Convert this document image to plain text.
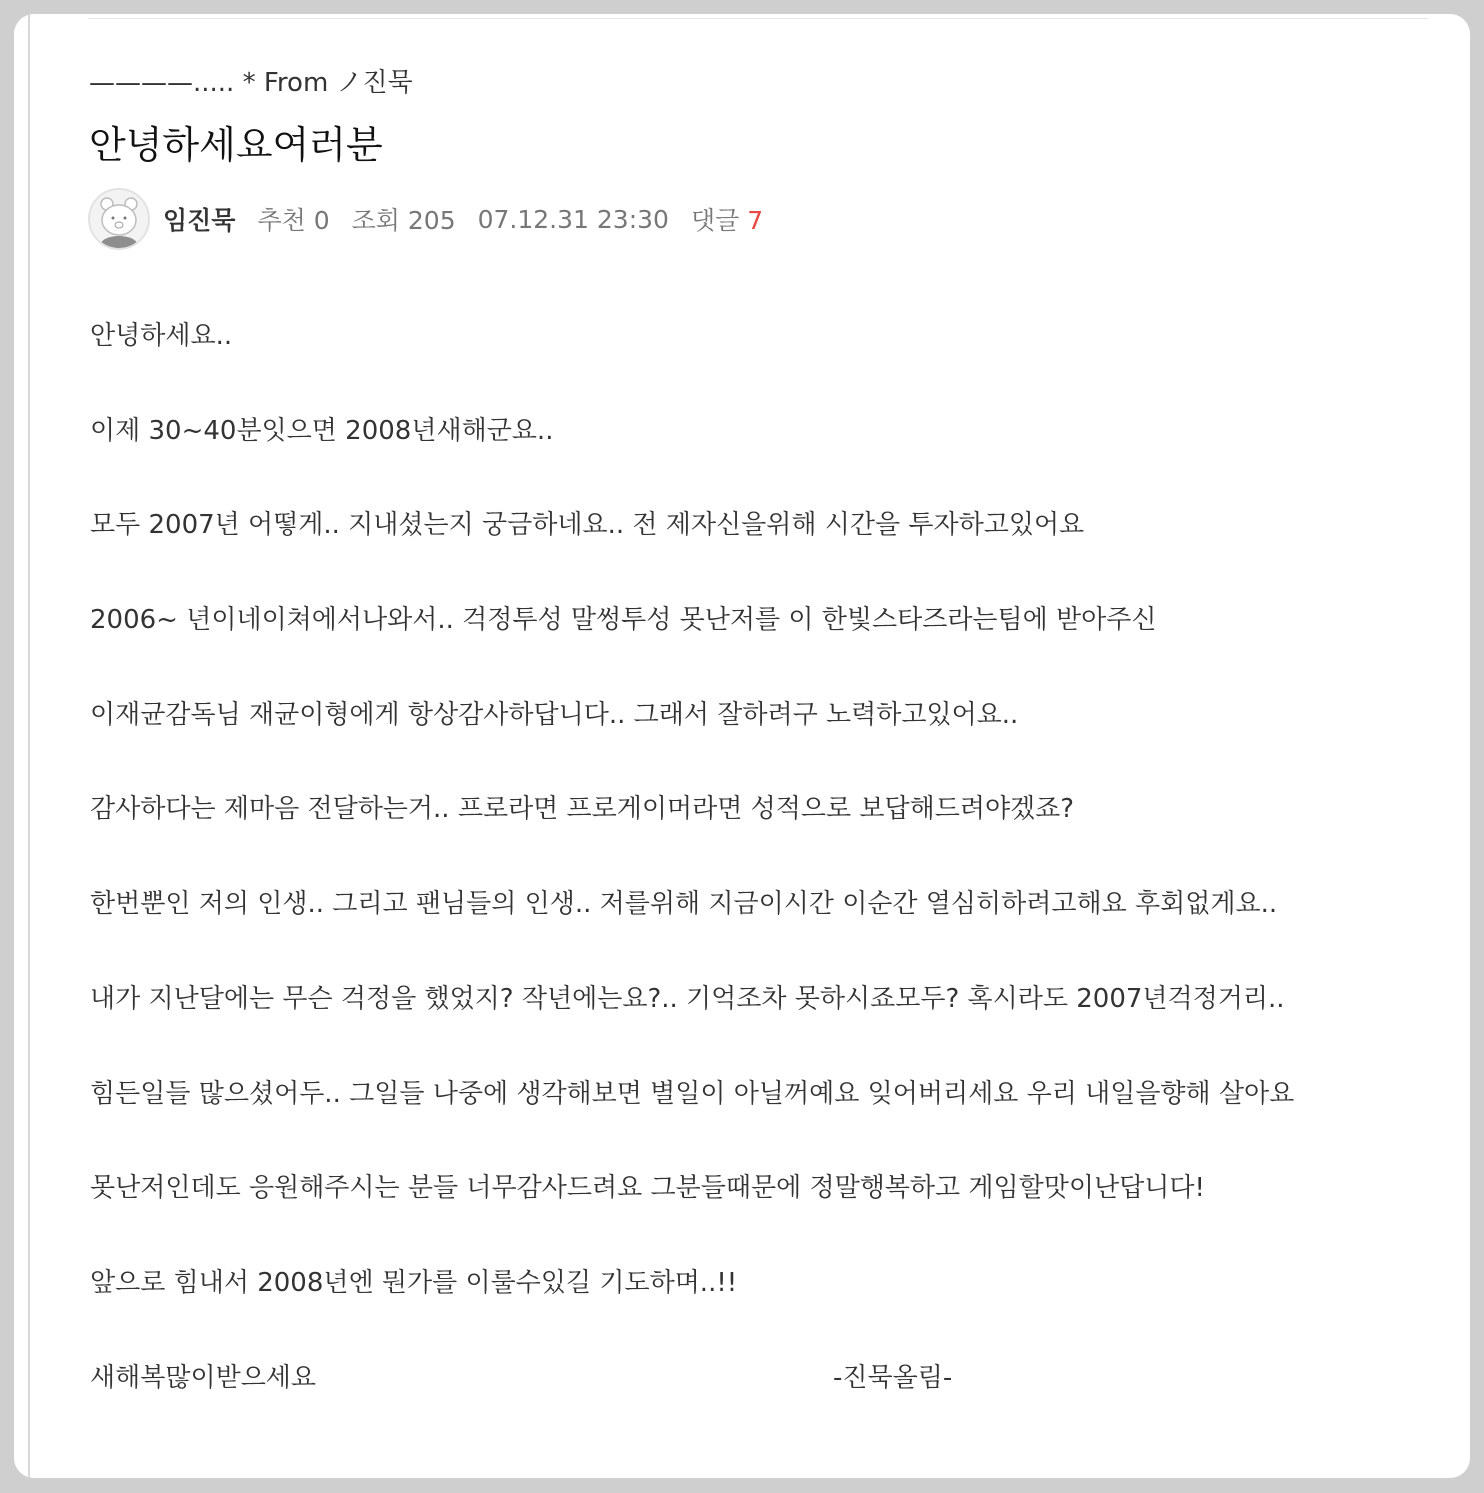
————..... * From ノ진묵
안녕하세요여러분
임진묵 추천 0 조회 205 07.12.31 23:30 댓글 7

안녕하세요..

이제 30~40분잇으면 2008년새해군요..

모두 2007년 어떻게.. 지내셨는지 궁금하네요.. 전 제자신을위해 시간을 투자하고있어요

2006~ 년이네이쳐에서나와서.. 걱정투성 말썽투성 못난저를 이 한빛스타즈라는팀에 받아주신

이재균감독님 재균이형에게 항상감사하답니다.. 그래서 잘하려구 노력하고있어요..

감사하다는 제마음 전달하는거.. 프로라면 프로게이머라면 성적으로 보답해드려야겠죠?

한번뿐인 저의 인생.. 그리고 팬님들의 인생.. 저를위해 지금이시간 이순간 열심히하려고해요 후회없게요..

내가 지난달에는 무슨 걱정을 했었지? 작년에는요?.. 기억조차 못하시죠모두? 혹시라도 2007년걱정거리..

힘든일들 많으셨어두.. 그일들 나중에 생각해보면 별일이 아닐꺼예요 잊어버리세요 우리 내일을향해 살아요

못난저인데도 응원해주시는 분들 너무감사드려요 그분들때문에 정말행복하고 게임할맛이난답니다!

앞으로 힘내서 2008년엔 뭔가를 이룰수있길 기도하며..!!

새해복많이받으세요	-진묵올림-
